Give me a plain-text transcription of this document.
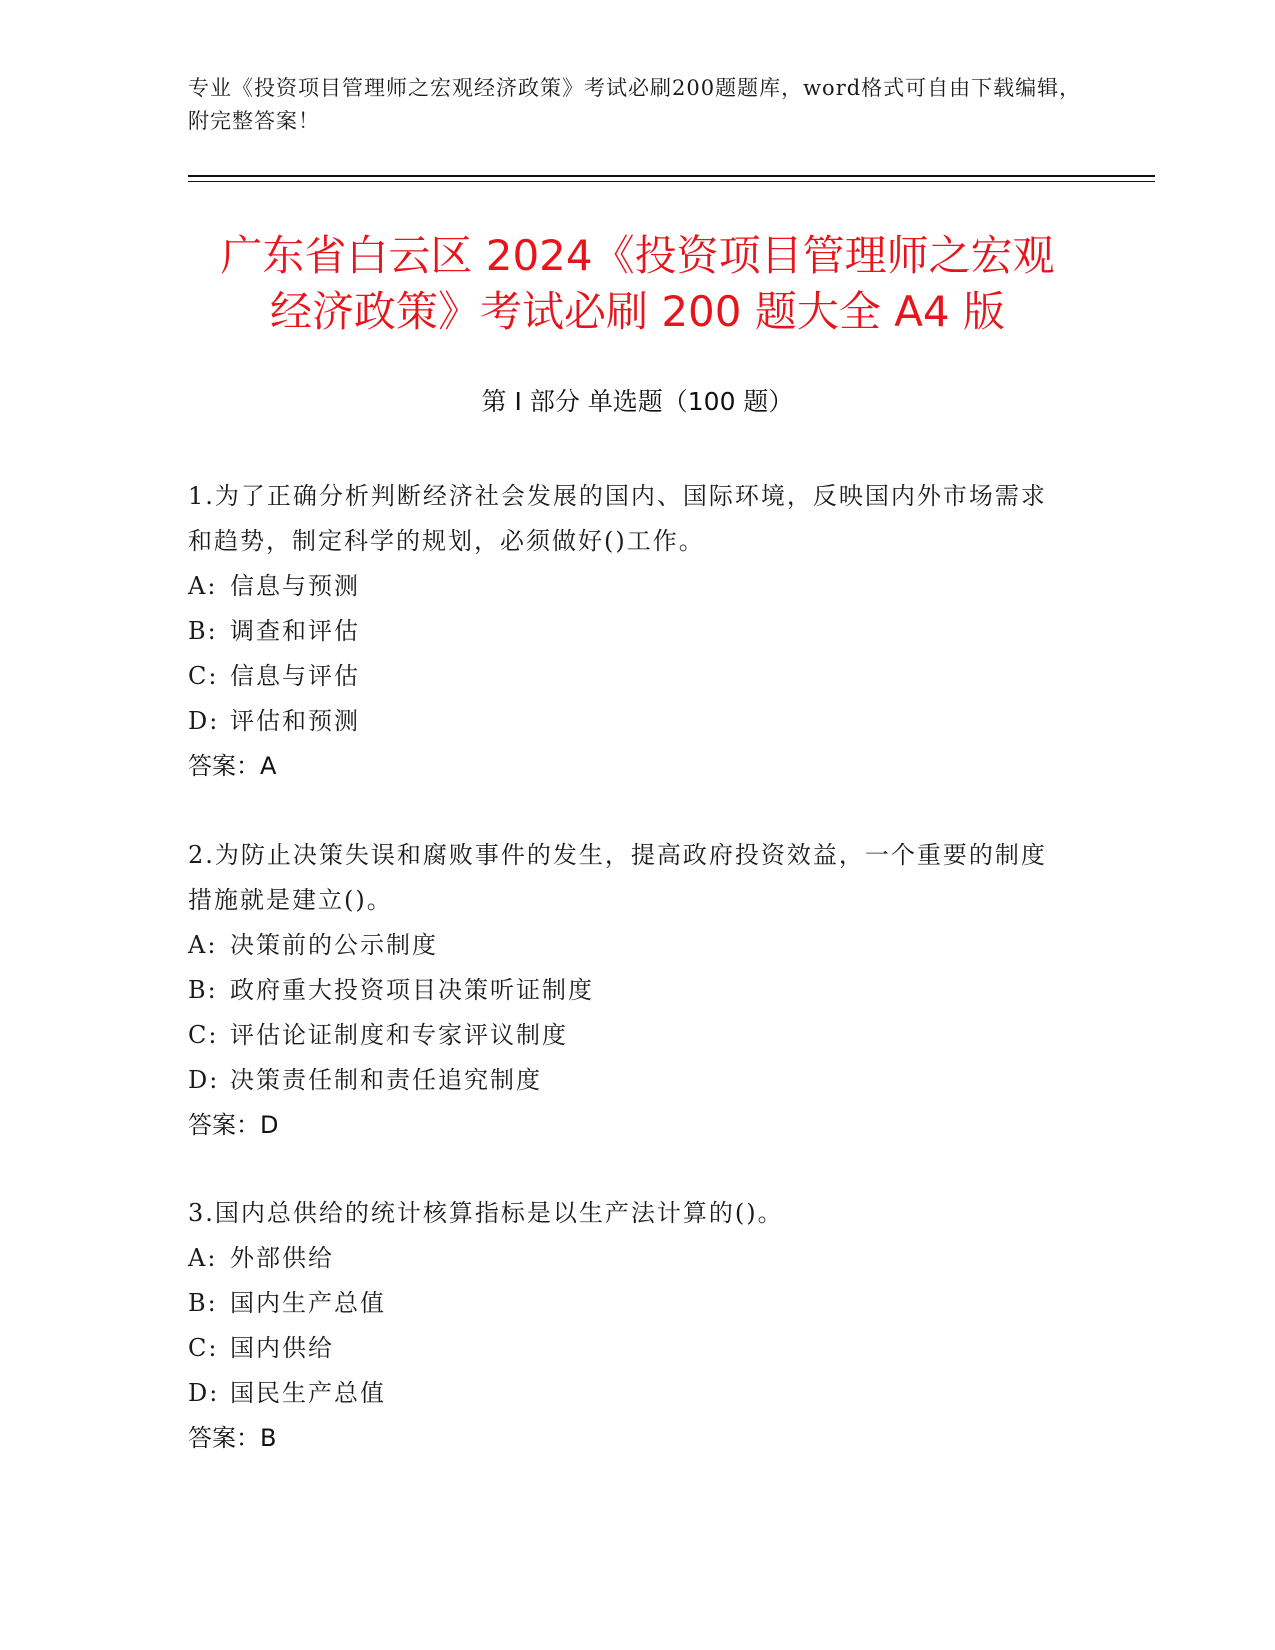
专业《投资项目管理师之宏观经济政策》考试必刷200题题库，word格式可自由下载编辑，附完整答案！
广东省白云区 2024《投资项目管理师之宏观
经济政策》考试必刷 200 题大全 A4 版
第 I 部分 单选题（100 题）
1.为了正确分析判断经济社会发展的国内、国际环境，反映国内外市场需求和趋势，制定科学的规划，必须做好()工作。
A: 信息与预测
B: 调查和评估
C: 信息与评估
D: 评估和预测
答案：A
2.为防止决策失误和腐败事件的发生，提高政府投资效益，一个重要的制度措施就是建立()。
A: 决策前的公示制度
B: 政府重大投资项目决策听证制度
C: 评估论证制度和专家评议制度
D: 决策责任制和责任追究制度
答案：D
3.国内总供给的统计核算指标是以生产法计算的()。
A: 外部供给
B: 国内生产总值
C: 国内供给
D: 国民生产总值
答案：B
